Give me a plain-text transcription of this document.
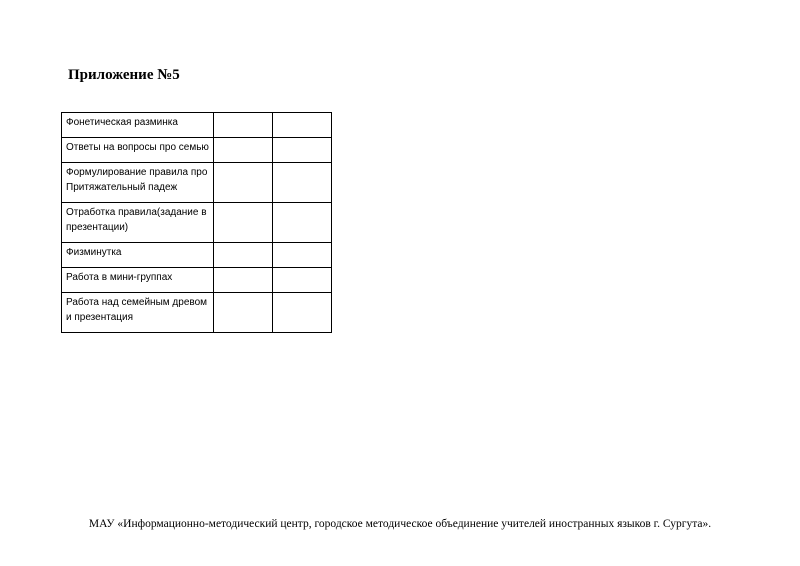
Приложение №5
Фонетическая разминка		
Ответы на вопросы про семью		
Формулирование правила про Притяжательный падеж		
Отработка правила(задание в презентации)		
Физминутка		
Работа в мини-группах		
Работа над семейным древом и презентация		
МАУ «Информационно-методический центр, городское методическое объединение учителей иностранных языков г. Сургута».
